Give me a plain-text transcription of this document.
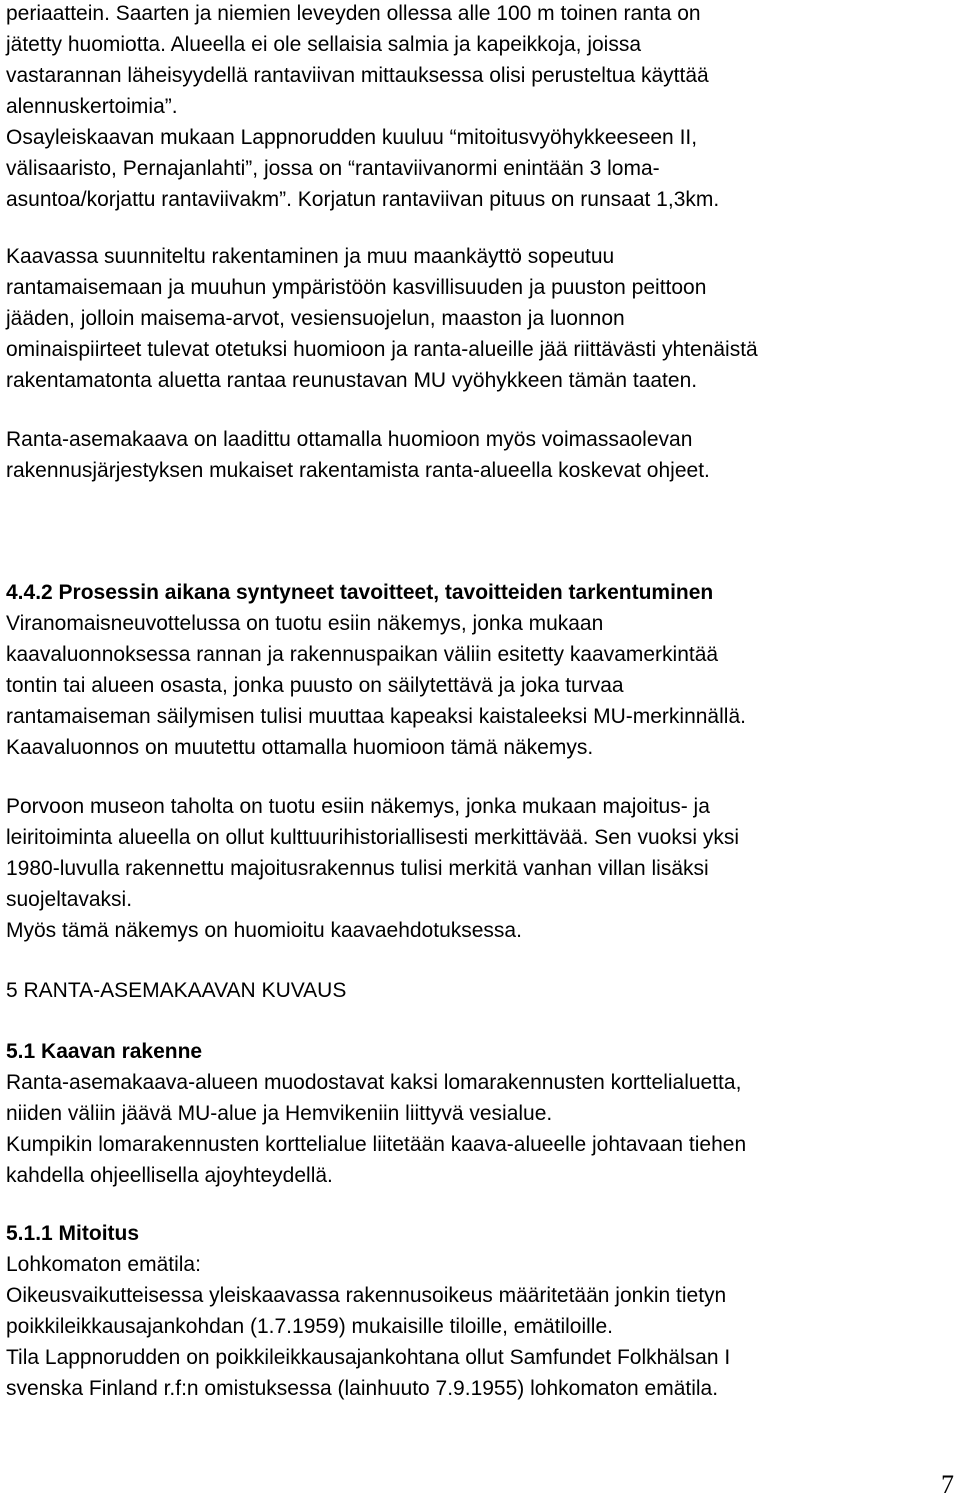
periaattein. Saarten ja niemien leveyden ollessa alle 100 m toinen ranta on
jätetty huomiotta. Alueella ei ole sellaisia salmia ja kapeikkoja, joissa
vastarannan läheisyydellä rantaviivan mittauksessa olisi perusteltua käyttää
alennuskertoimia”.
Osayleiskaavan mukaan Lappnorudden kuuluu “mitoitusvyöhykkeeseen II,
välisaaristo, Pernajanlahti”, jossa on “rantaviivanormi enintään 3 loma-
asuntoa/korjattu rantaviivakm”. Korjatun rantaviivan pituus on runsaat 1,3km.
Kaavassa suunniteltu rakentaminen ja muu maankäyttö sopeutuu
rantamaisemaan ja muuhun ympäristöön kasvillisuuden ja puuston peittoon
jääden, jolloin maisema-arvot, vesiensuojelun, maaston ja luonnon
ominaispiirteet tulevat otetuksi huomioon ja ranta-alueille jää riittävästi yhtenäistä
rakentamatonta aluetta rantaa reunustavan MU vyöhykkeen tämän taaten.
Ranta-asemakaava on laadittu ottamalla huomioon myös voimassaolevan
rakennusjärjestyksen mukaiset rakentamista ranta-alueella koskevat ohjeet.
4.4.2 Prosessin aikana syntyneet tavoitteet, tavoitteiden tarkentuminen
Viranomaisneuvottelussa on tuotu esiin näkemys, jonka mukaan
kaavaluonnoksessa rannan ja rakennuspaikan väliin esitetty kaavamerkintää
tontin tai alueen osasta, jonka puusto on säilytettävä ja joka turvaa
rantamaiseman säilymisen tulisi muuttaa kapeaksi kaistaleeksi MU-merkinnällä.
Kaavaluonnos on muutettu ottamalla huomioon tämä näkemys.
Porvoon museon taholta on tuotu esiin näkemys, jonka mukaan majoitus- ja
leiritoiminta alueella on ollut kulttuurihistoriallisesti merkittävää. Sen vuoksi yksi
1980-luvulla rakennettu majoitusrakennus tulisi merkitä vanhan villan lisäksi
suojeltavaksi.
Myös tämä näkemys on huomioitu kaavaehdotuksessa.
5 RANTA-ASEMAKAAVAN KUVAUS
5.1 Kaavan rakenne
Ranta-asemakaava-alueen muodostavat kaksi lomarakennusten korttelialuetta,
niiden väliin jäävä MU-alue ja Hemvikeniin liittyvä vesialue.
Kumpikin lomarakennusten korttelialue liitetään kaava-alueelle johtavaan tiehen
kahdella ohjeellisella ajoyhteydellä.
5.1.1 Mitoitus
Lohkomaton emätila:
Oikeusvaikutteisessa yleiskaavassa rakennusoikeus määritetään jonkin tietyn
poikkileikkausajankohdan (1.7.1959) mukaisille tiloille, emätiloille.
Tila Lappnorudden on poikkileikkausajankohtana ollut Samfundet Folkhälsan I
svenska Finland r.f:n omistuksessa (lainhuuto 7.9.1955) lohkomaton emätila.
7
